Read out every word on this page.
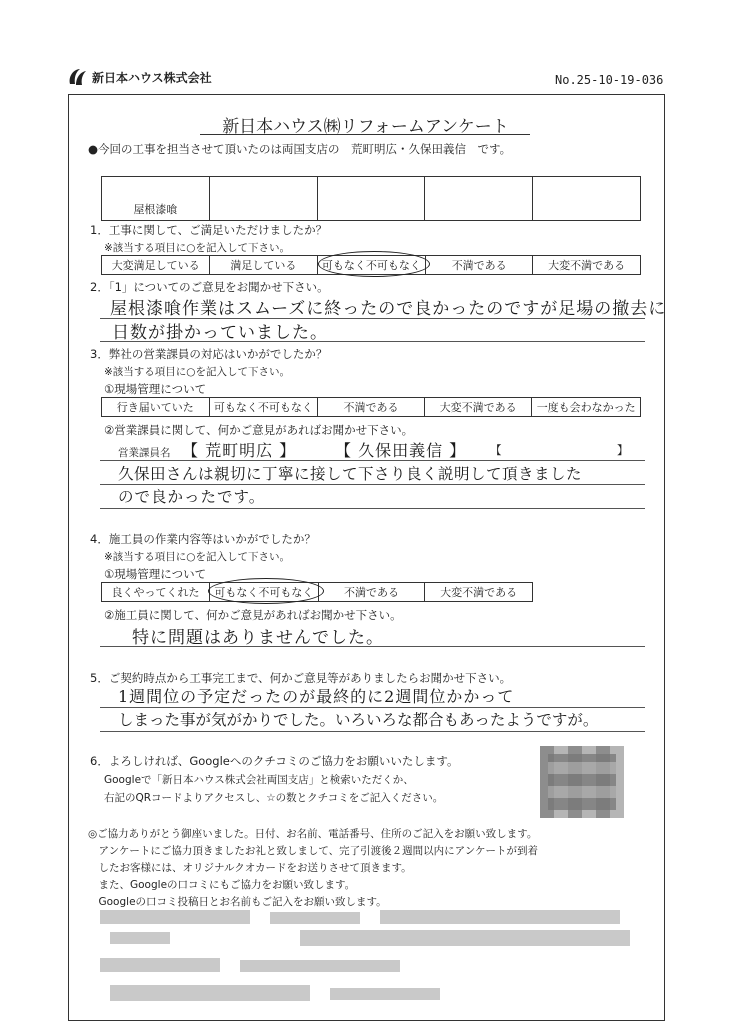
新日本ハウス株式会社	No.25-10-19-036
新日本ハウス㈱リフォームアンケート
●今回の工事を担当させて頂いたのは両国支店の　荒町明広・久保田義信　です。
屋根漆喰				
1．工事に関して、ご満足いただけましたか？
※該当する項目に○を記入して下さい。
大変満足している	満足している	可もなく不可もなく	不満である	大変不満である
2．「1」についてのご意見をお聞かせ下さい。
屋根漆喰作業はスムーズに終ったので良かったのですが足場の撤去に
日数が掛かっていました。
3．弊社の営業課員の対応はいかがでしたか？
※該当する項目に○を記入して下さい。
①現場管理について
行き届いていた	可もなく不可もなく	不満である	大変不満である	一度も会わなかった
②営業課員に関して、何かご意見があればお聞かせ下さい。
営業課員名 【 荒町明広 】 【 久保田義信 】 【	】
久保田さんは親切に丁寧に接して下さり良く説明して頂きました
ので良かったです。
4．施工員の作業内容等はいかがでしたか？
※該当する項目に○を記入して下さい。
①現場管理について
良くやってくれた	可もなく不可もなく	不満である	大変不満である
②施工員に関して、何かご意見があればお聞かせ下さい。
特に問題はありませんでした。
5．ご契約時点から工事完工まで、何かご意見等がありましたらお聞かせ下さい。
1週間位の予定だったのが最終的に2週間位かかって
しまった事が気がかりでした。いろいろな都合もあったようですが。
6．よろしければ、Googleへのクチコミのご協力をお願いいたします。
Googleで「新日本ハウス株式会社両国支店」と検索いただくか、
右記のQRコードよりアクセスし、☆の数とクチコミをご記入ください。
◎ご協力ありがとう御座いました。日付、お名前、電話番号、住所のご記入をお願い致します。
　アンケートにご協力頂きましたお礼と致しまして、完了引渡後２週間以内にアンケートが到着
　したお客様には、オリジナルクオカードをお送りさせて頂きます。
　また、Googleの口コミにもご協力をお願い致します。
　Googleの口コミ投稿日とお名前もご記入をお願い致します。
